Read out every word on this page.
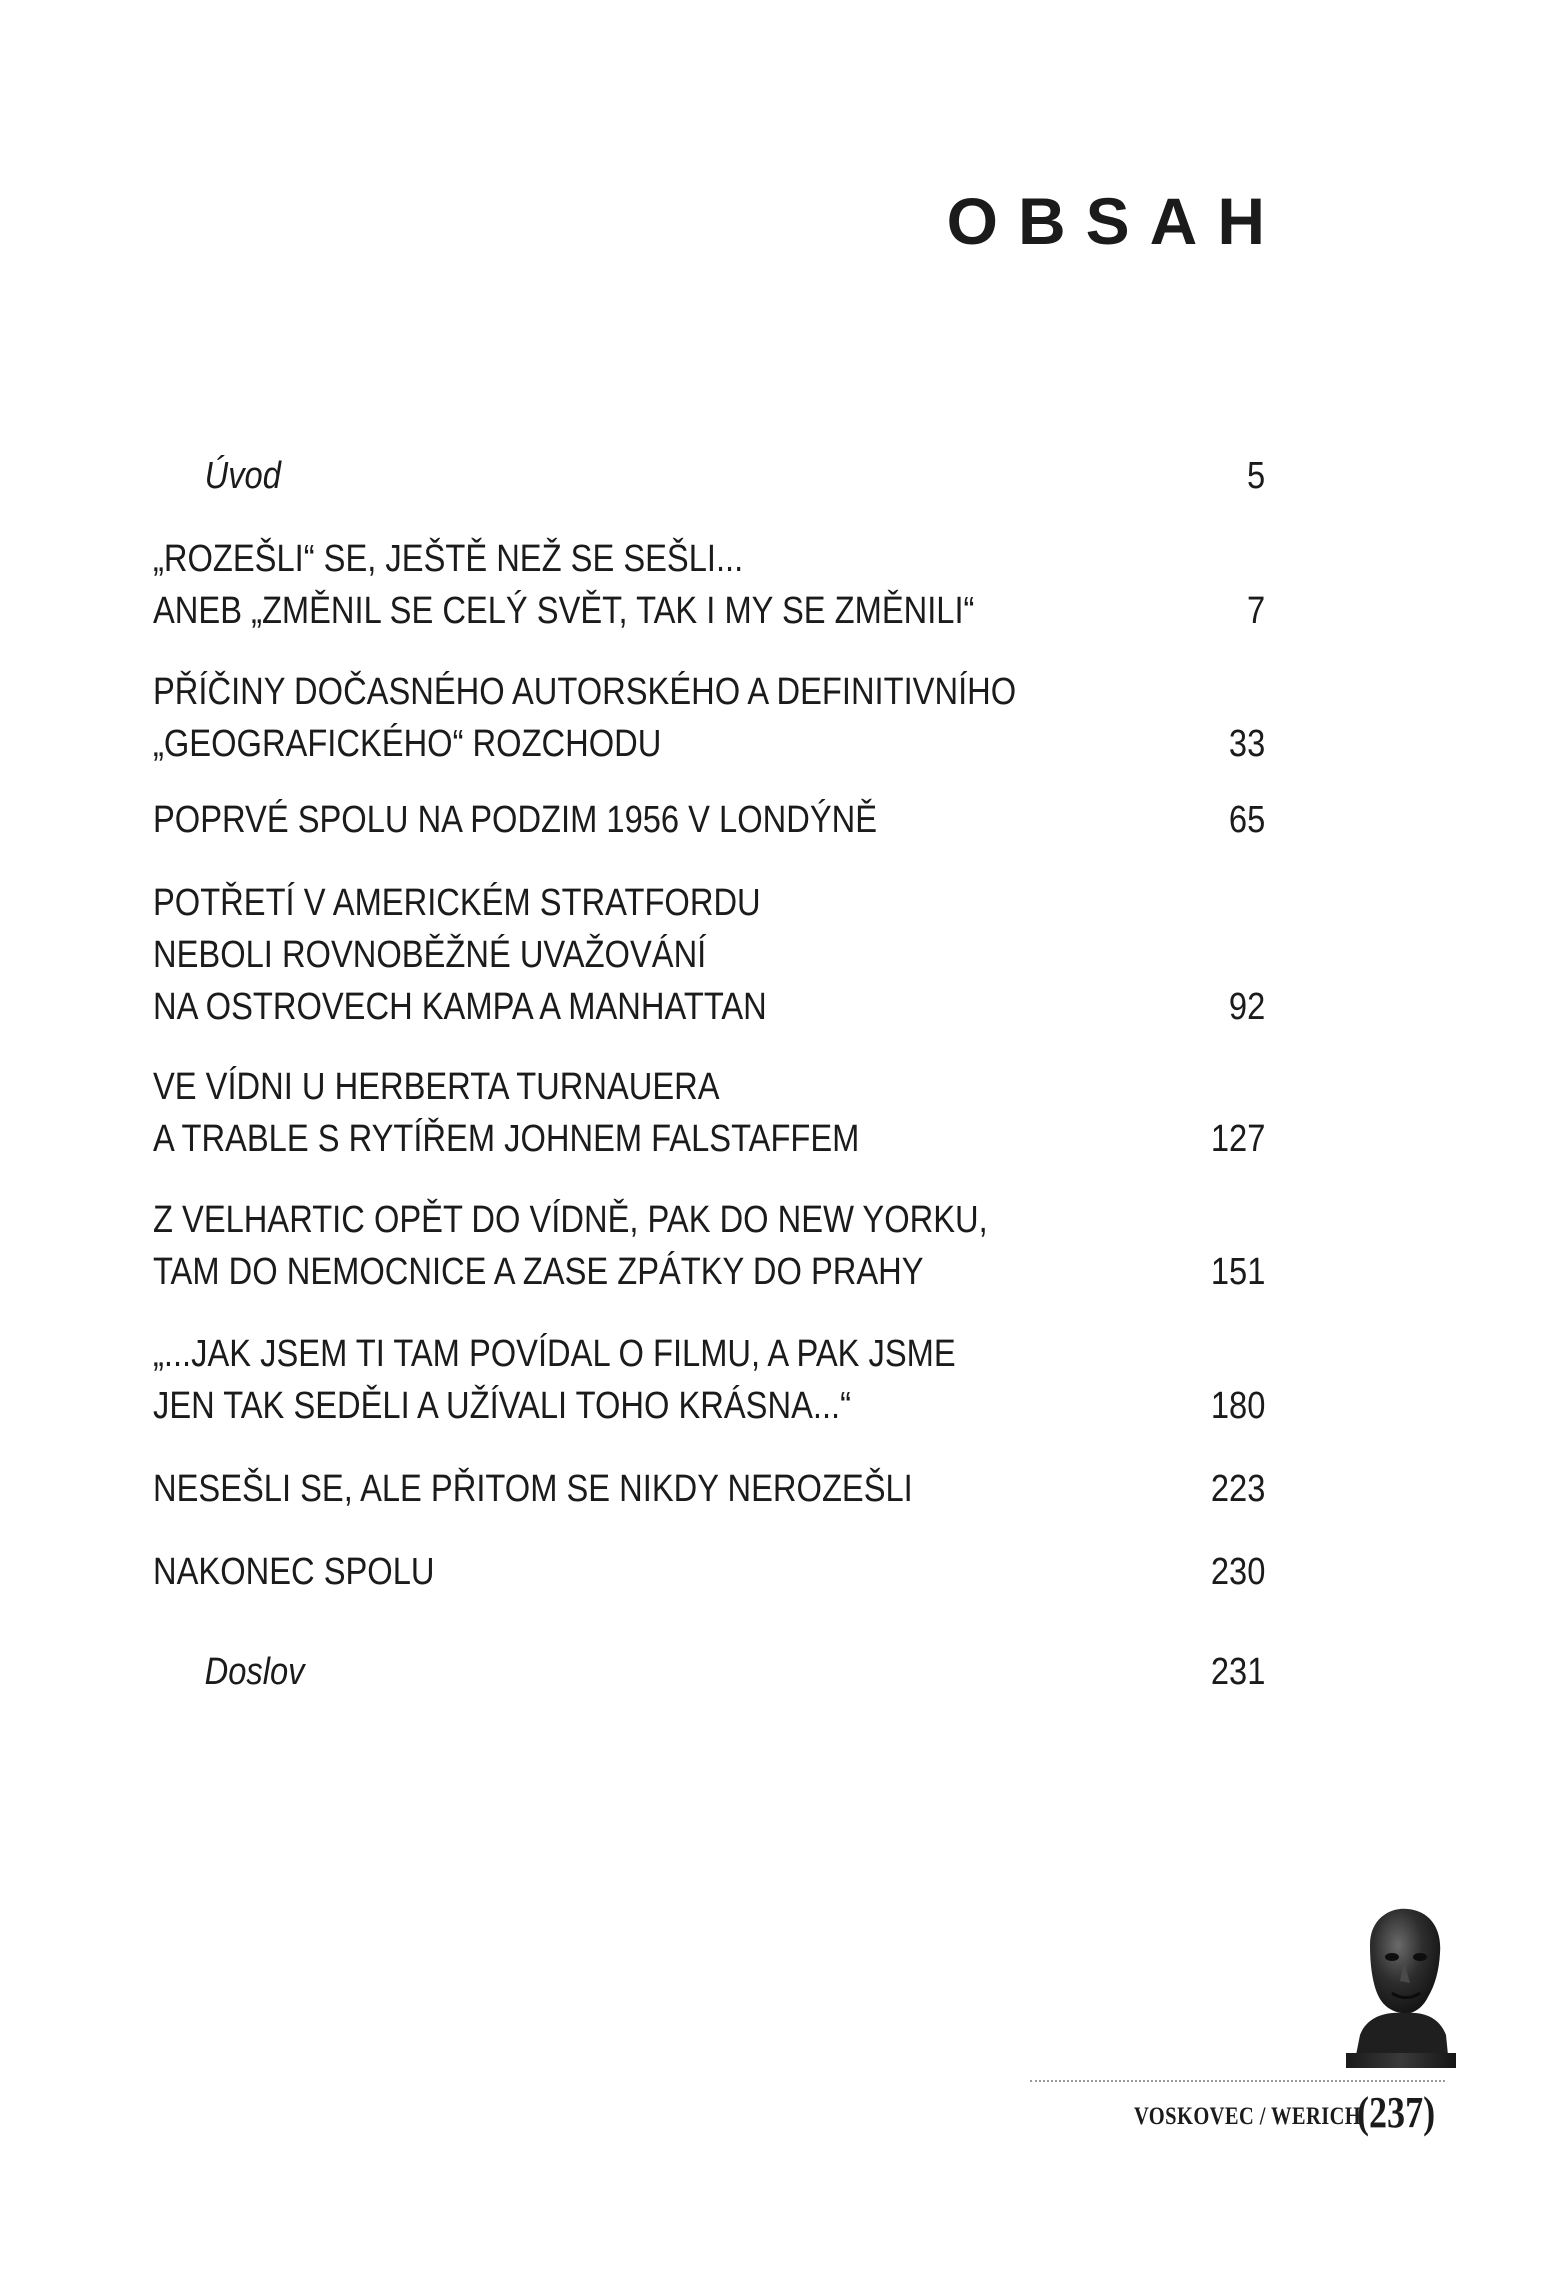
OBSAH
Úvod	5
„ROZEŠLI“ SE, JEŠTĚ NEŽ SE SEŠLI...
ANEB „ZMĚNIL SE CELÝ SVĚT, TAK I MY SE ZMĚNILI“	7
PŘÍČINY DOČASNÉHO AUTORSKÉHO A DEFINITIVNÍHO
„GEOGRAFICKÉHO“ ROZCHODU	33
POPRVÉ SPOLU NA PODZIM 1956 V LONDÝNĚ	65
POTŘETÍ V AMERICKÉM STRATFORDU
NEBOLI ROVNOBĚŽNÉ UVAŽOVÁNÍ
NA OSTROVECH KAMPA A MANHATTAN	92
VE VÍDNI U HERBERTA TURNAUERA
A TRABLE S RYTÍŘEM JOHNEM FALSTAFFEM	127
Z VELHARTIC OPĚT DO VÍDNĚ, PAK DO NEW YORKU,
TAM DO NEMOCNICE A ZASE ZPÁTKY DO PRAHY	151
„...JAK JSEM TI TAM POVÍDAL O FILMU, A PAK JSME
JEN TAK SEDĚLI A UŽÍVALI TOHO KRÁSNA...“	180
NESEŠLI SE, ALE PŘITOM SE NIKDY NEROZEŠLI	223
NAKONEC SPOLU	230
Doslov	231
VOSKOVEC / WERICH
(237)
